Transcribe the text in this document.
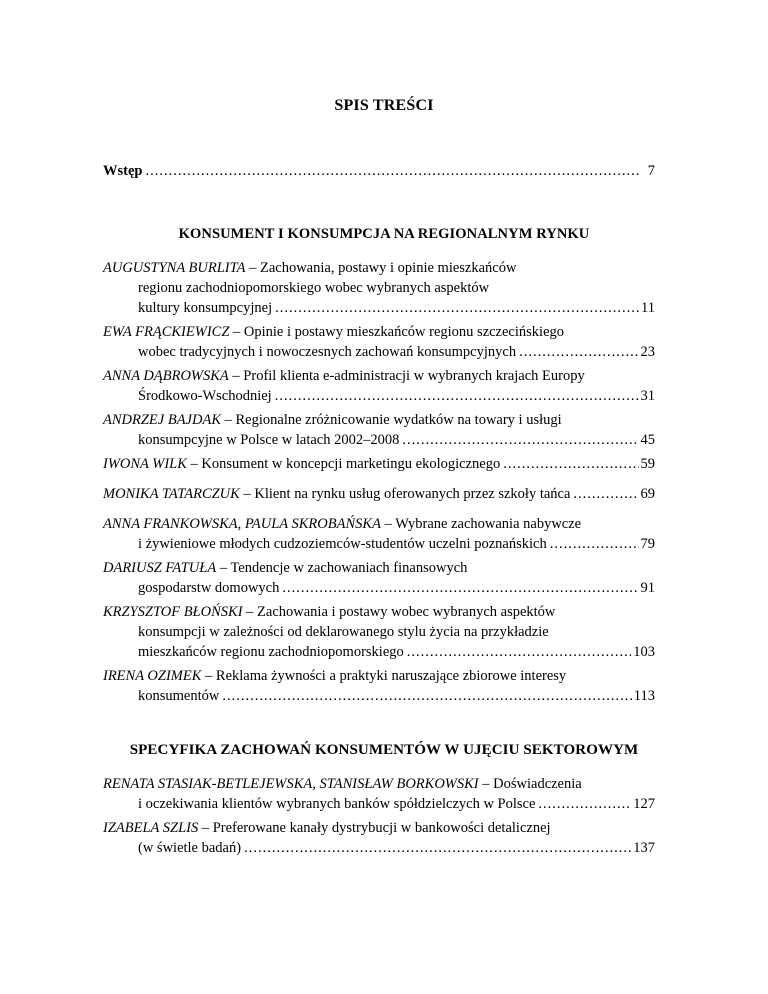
SPIS TREŚCI
Wstęp .....	7
KONSUMENT I KONSUMPCJA NA REGIONALNYM RYNKU
AUGUSTYNA BURLITA – Zachowania, postawy i opinie mieszkańców
regionu zachodniopomorskiego wobec wybranych aspektów
kultury konsumpcyjnej .....	11
EWA FRĄCKIEWICZ – Opinie i postawy mieszkańców regionu szczecińskiego
wobec tradycyjnych i nowoczesnych zachowań konsumpcyjnych .....	23
ANNA DĄBROWSKA – Profil klienta e-administracji w wybranych krajach Europy
Środkowo-Wschodniej .....	31
ANDRZEJ BAJDAK – Regionalne zróżnicowanie wydatków na towary i usługi
konsumpcyjne w Polsce w latach 2002–2008 .....	45
IWONA WILK – Konsument w koncepcji marketingu ekologicznego .....	59
MONIKA TATARCZUK – Klient na rynku usług oferowanych przez szkoły tańca .....	69
ANNA FRANKOWSKA, PAULA SKROBAŃSKA – Wybrane zachowania nabywcze
i żywieniowe młodych cudzoziemców-studentów uczelni poznańskich .....	79
DARIUSZ FATUŁA – Tendencje w zachowaniach finansowych
gospodarstw domowych .....	91
KRZYSZTOF BŁOŃSKI – Zachowania i postawy wobec wybranych aspektów
konsumpcji w zależności od deklarowanego stylu życia na przykładzie
mieszkańców regionu zachodniopomorskiego .....	103
IRENA OZIMEK – Reklama żywności a praktyki naruszające zbiorowe interesy
konsumentów .....	113
SPECYFIKA ZACHOWAŃ KONSUMENTÓW W UJĘCIU SEKTOROWYM
RENATA STASIAK-BETLEJEWSKA, STANISŁAW BORKOWSKI – Doświadczenia
i oczekiwania klientów wybranych banków spółdzielczych w Polsce .....	127
IZABELA SZLIS – Preferowane kanały dystrybucji w bankowości detalicznej
(w świetle badań) .....	137
